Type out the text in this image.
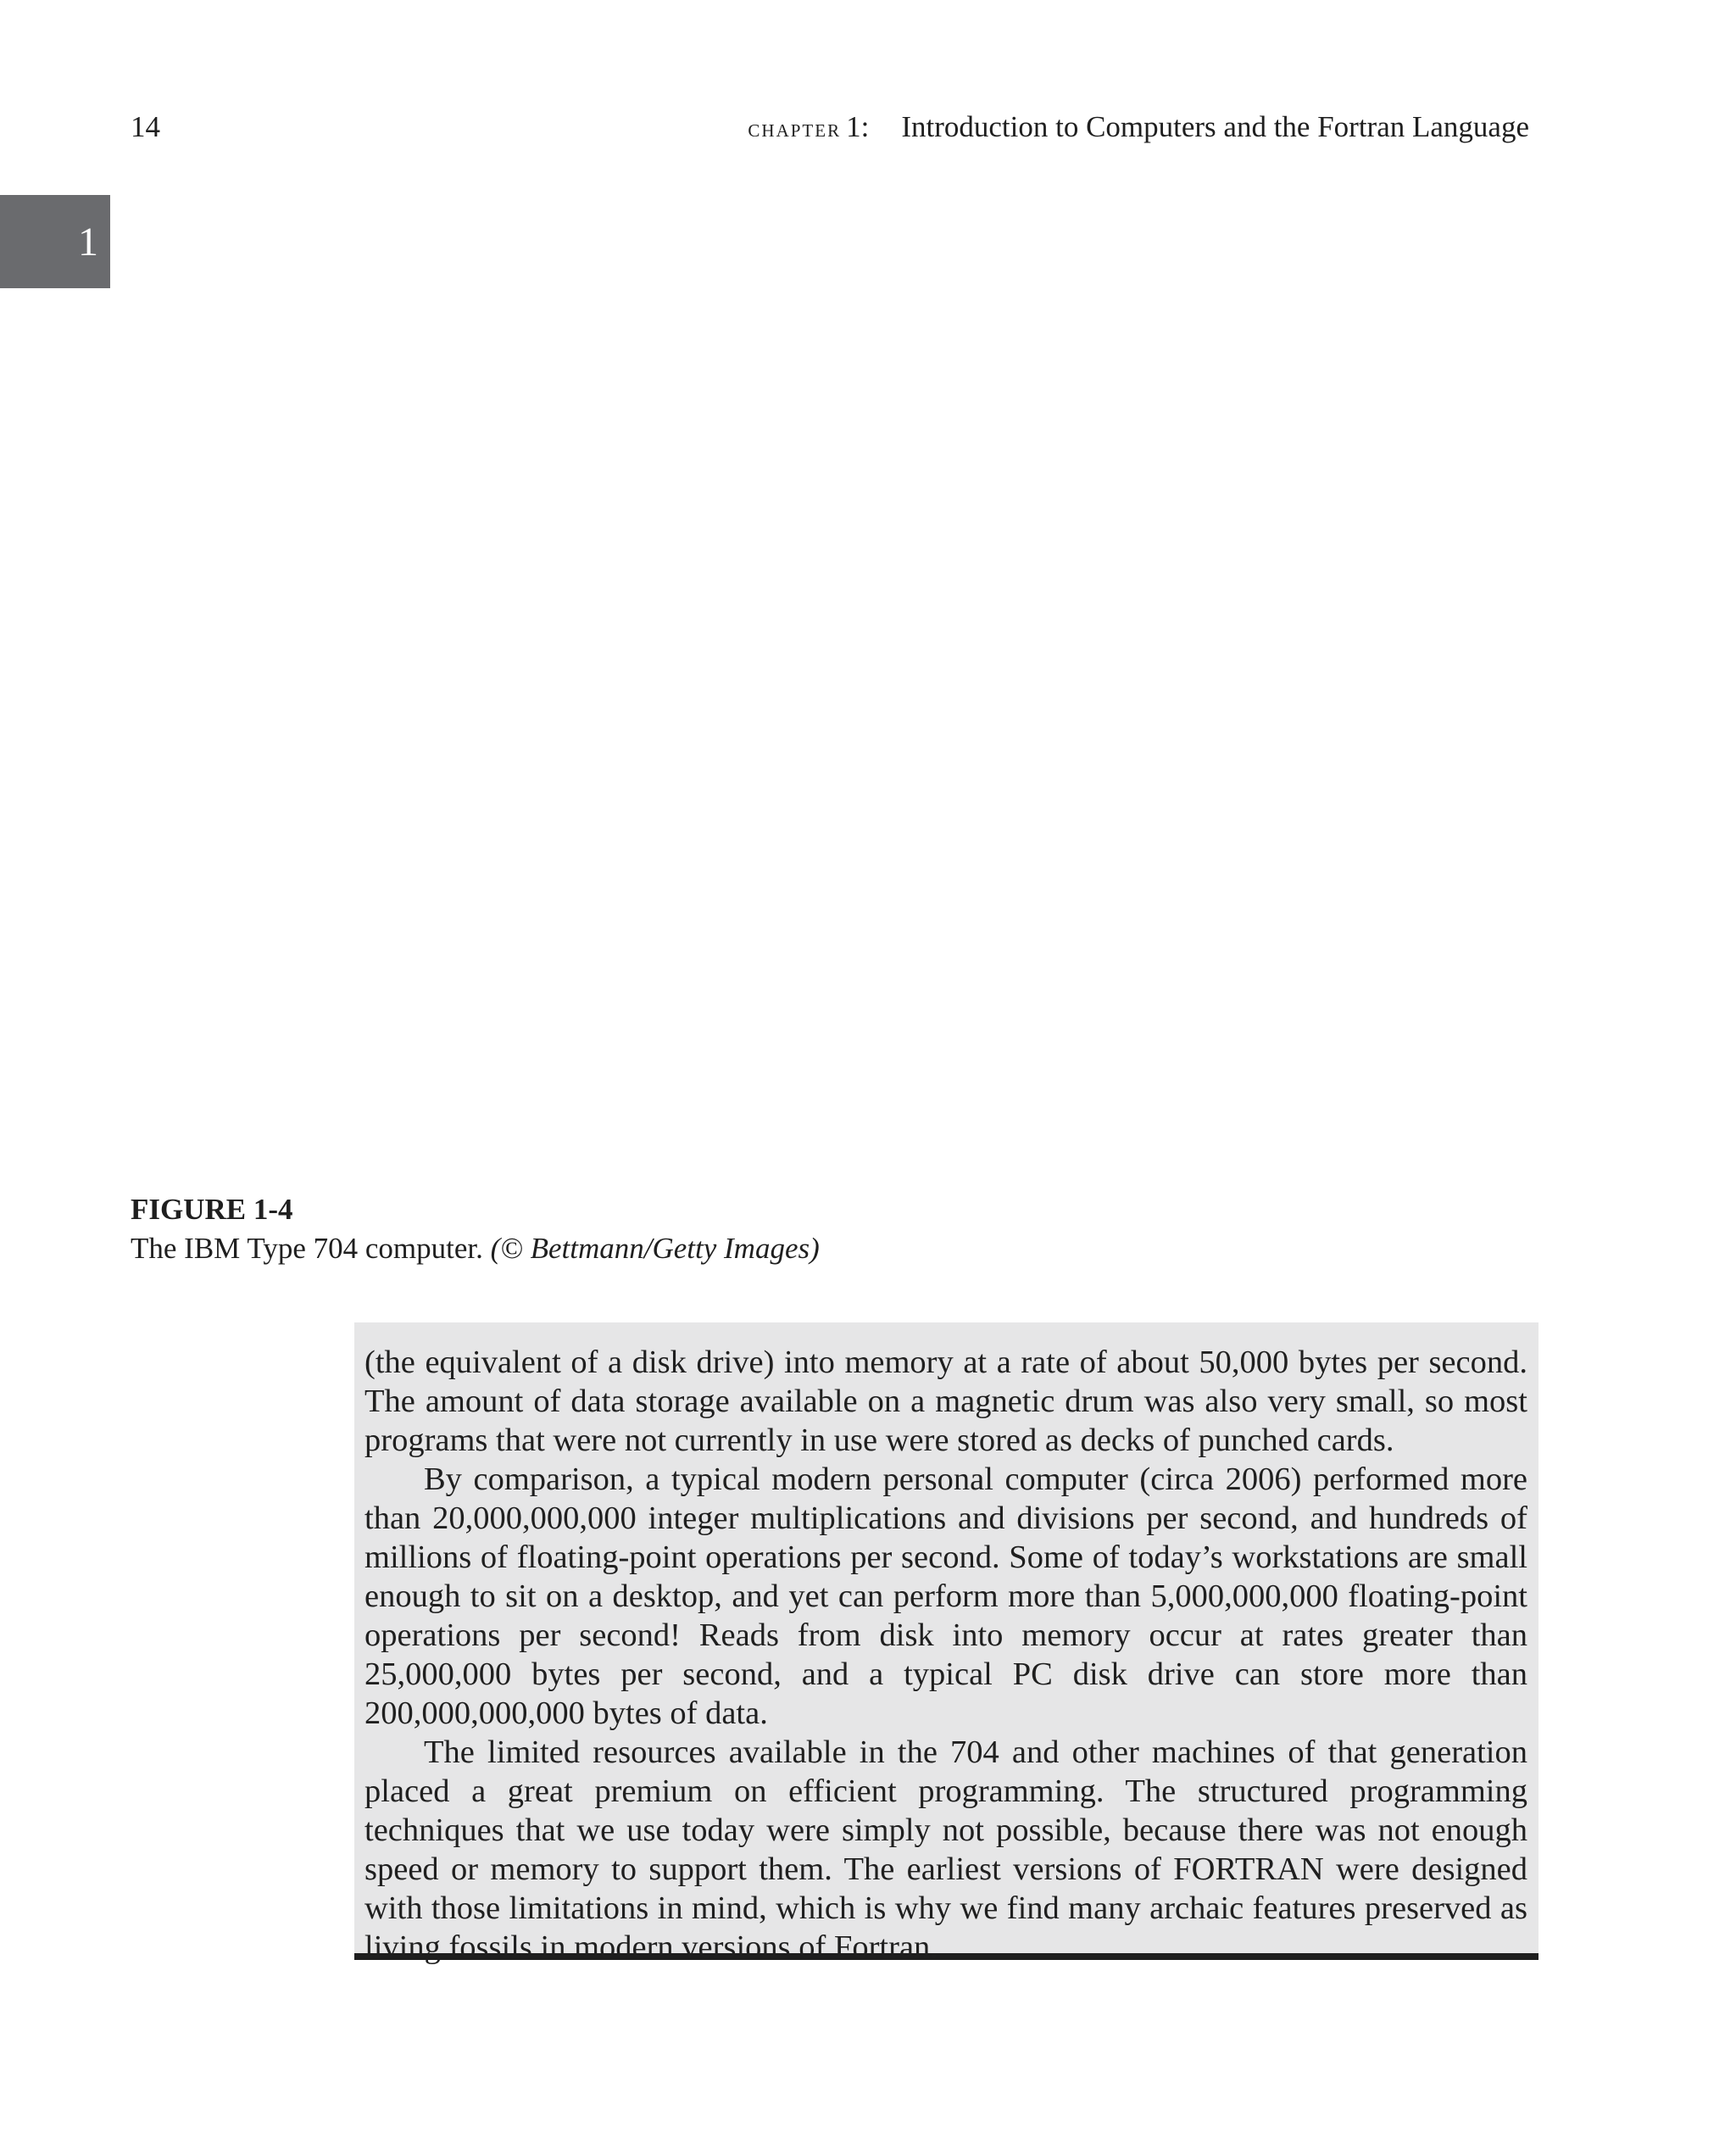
14	chapter 1: Introduction to Computers and the Fortran Language
1
FIGURE 1-4
The IBM Type 704 computer. (© Bettmann/Getty Images)

(the equivalent of a disk drive) into memory at a rate of about 50,000 bytes per second. The amount of data storage available on a magnetic drum was also very small, so most programs that were not currently in use were stored as decks of punched cards.

By comparison, a typical modern personal computer (circa 2006) performed more than 20,000,000,000 integer multiplications and divisions per second, and hundreds of millions of floating-point operations per second. Some of today’s workstations are small enough to sit on a desktop, and yet can perform more than 5,000,000,000 floating-point operations per second! Reads from disk into memory occur at rates greater than 25,000,000 bytes per second, and a typical PC disk drive can store more than 200,000,000,000 bytes of data.

The limited resources available in the 704 and other machines of that generation placed a great premium on efficient programming. The structured programming techniques that we use today were simply not possible, because there was not enough speed or memory to support them. The earliest versions of FORTRAN were designed with those limitations in mind, which is why we find many archaic features preserved as living fossils in modern versions of Fortran.
